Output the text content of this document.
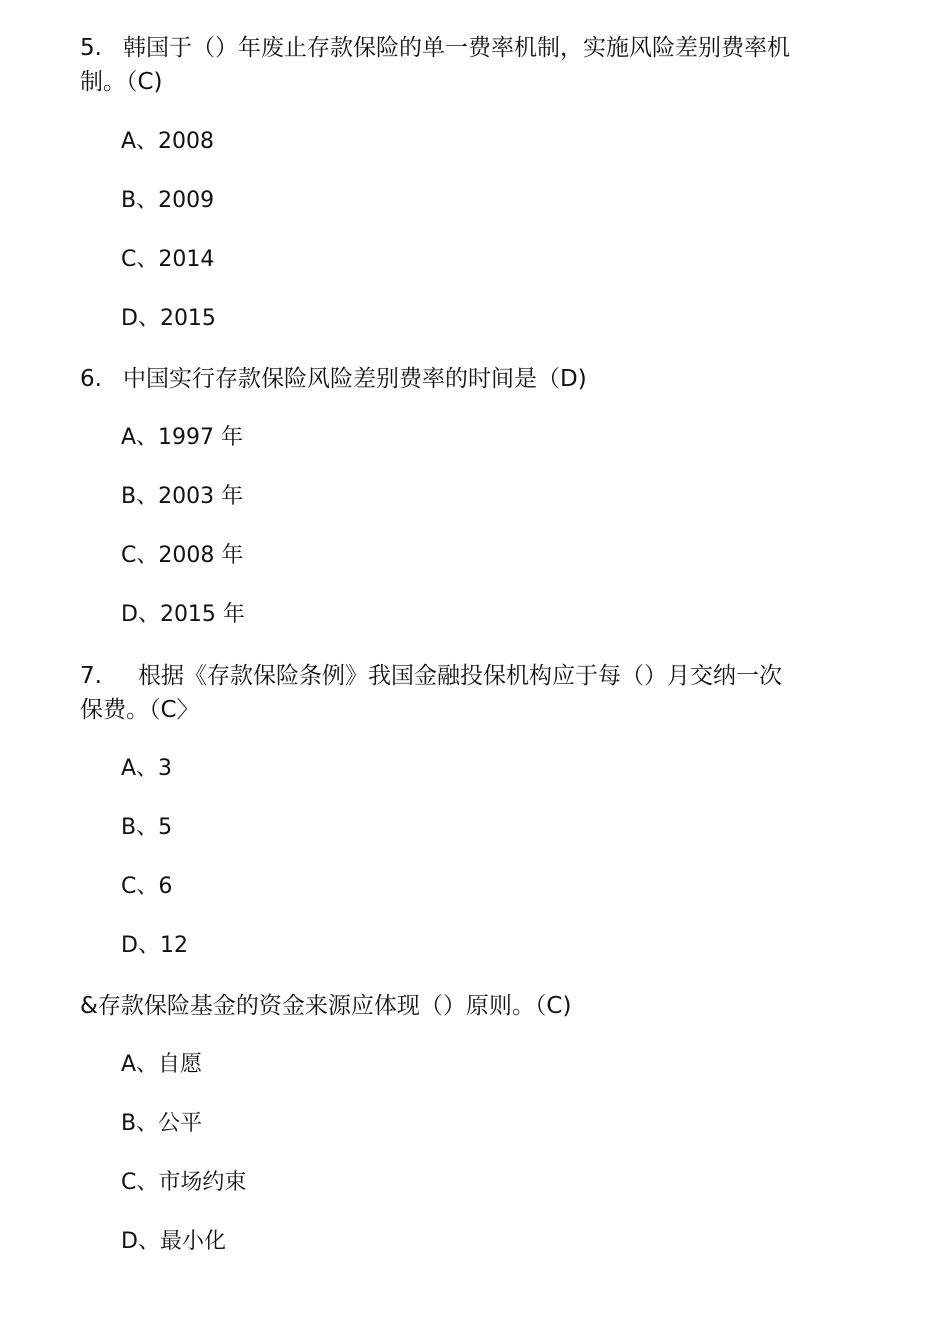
5. 韩国于（）年废止存款保险的单一费率机制，实施风险差别费率机
制。（C)
A、2008
B、2009
C、2014
D、2015
6. 中国实行存款保险风险差别费率的时间是（D)
A、1997 年
B、2003 年
C、2008 年
D、2015 年
7. 根据《存款保险条例》我国金融投保机构应于每（）月交纳一次
保费。（C〉
A、3
B、5
C、6
D、12
&存款保险基金的资金来源应体现（）原则。（C)
A、自愿
B、公平
C、市场约束
D、最小化
